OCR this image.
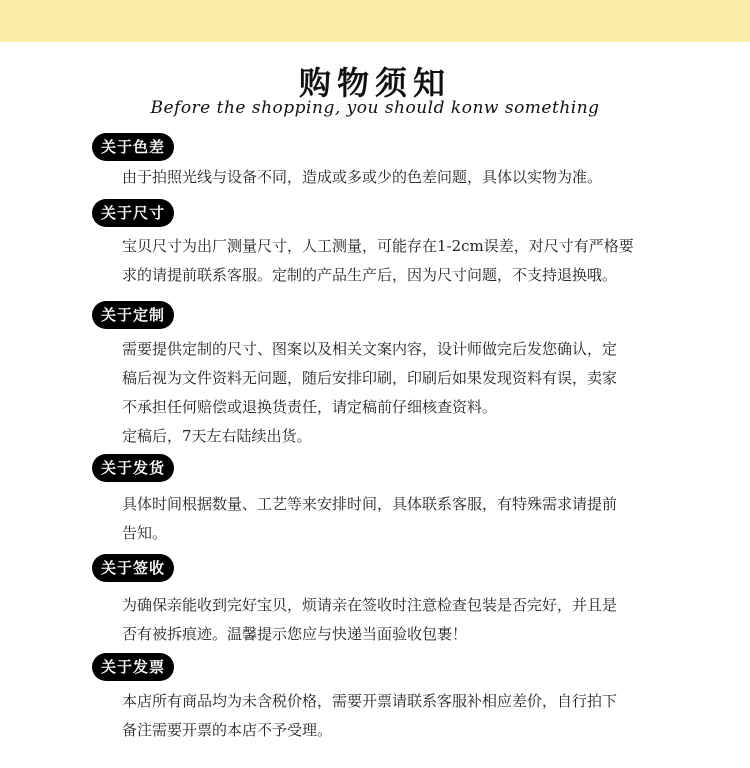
购物须知
Before the shopping, you should konw something
关于色差
由于拍照光线与设备不同，造成或多或少的色差问题，具体以实物为准。
关于尺寸
宝贝尺寸为出厂测量尺寸，人工测量，可能存在1-2cm误差，对尺寸有严格要
求的请提前联系客服。定制的产品生产后，因为尺寸问题，不支持退换哦。
关于定制
需要提供定制的尺寸、图案以及相关文案内容，设计师做完后发您确认，定
稿后视为文件资料无问题，随后安排印刷，印刷后如果发现资料有误，卖家
不承担任何赔偿或退换货责任，请定稿前仔细核查资料。
定稿后，7天左右陆续出货。
关于发货
具体时间根据数量、工艺等来安排时间，具体联系客服，有特殊需求请提前
告知。
关于签收
为确保亲能收到完好宝贝，烦请亲在签收时注意检查包装是否完好，并且是
否有被拆痕迹。温馨提示您应与快递当面验收包裹！
关于发票
本店所有商品均为未含税价格，需要开票请联系客服补相应差价，自行拍下
备注需要开票的本店不予受理。
